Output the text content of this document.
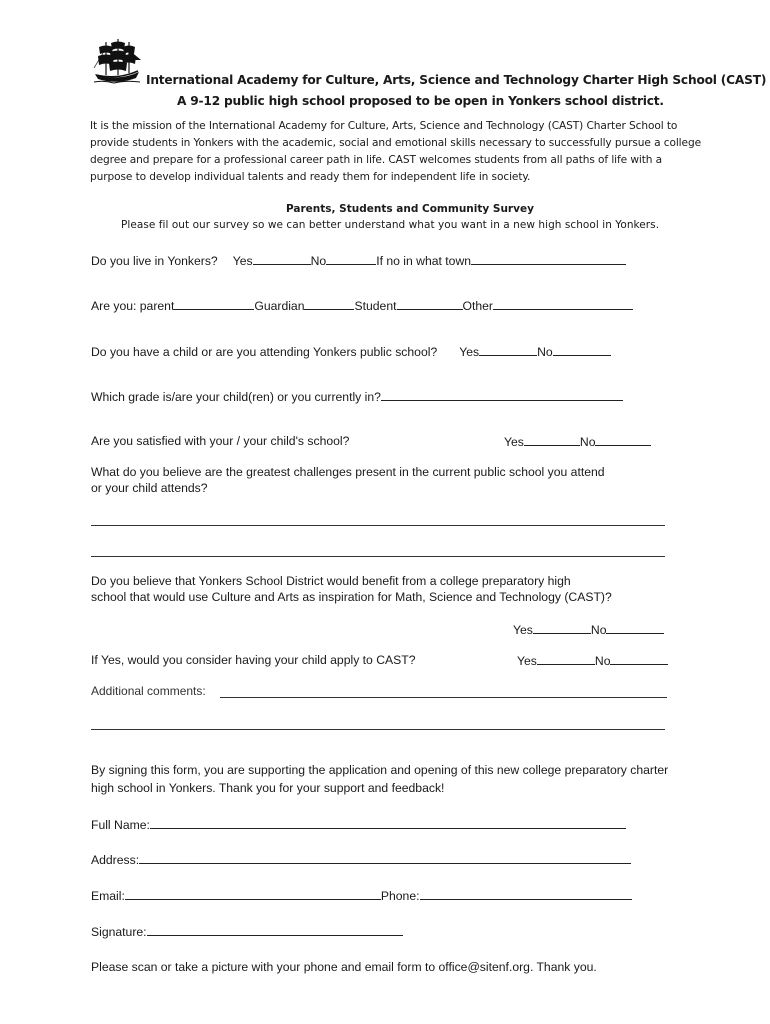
International Academy for Culture, Arts, Science and Technology Charter High School (CAST)
A 9-12 public high school proposed to be open in Yonkers school district.
It is the mission of the International Academy for Culture, Arts, Science and Technology (CAST) Charter School to
provide students in Yonkers with the academic, social and emotional skills necessary to successfully pursue a college
degree and prepare for a professional career path in life. CAST welcomes students from all paths of life with a
purpose to develop individual talents and ready them for independent life in society.
Parents, Students and Community Survey
Please fil out our survey so we can better understand what you want in a new high school in Yonkers.
Do you live in Yonkers? Yes	No	If no in what town
Are you: parent	Guardian	Student	Other
Do you have a child or are you attending Yonkers public school? Yes	No
Which grade is/are your child(ren) or you currently in?
Are you satisfied with your / your child's school?	Yes	No
What do you believe are the greatest challenges present in the current public school you attend
or your child attends?
Do you believe that Yonkers School District would benefit from a college preparatory high
school that would use Culture and Arts as inspiration for Math, Science and Technology (CAST)?
Yes	No
If Yes, would you consider having your child apply to CAST?	Yes	No
Additional comments:
By signing this form, you are supporting the application and opening of this new college preparatory charter
high school in Yonkers. Thank you for your support and feedback!
Full Name:
Address:
Email:	Phone:
Signature:
Please scan or take a picture with your phone and email form to office@sitenf.org. Thank you.
